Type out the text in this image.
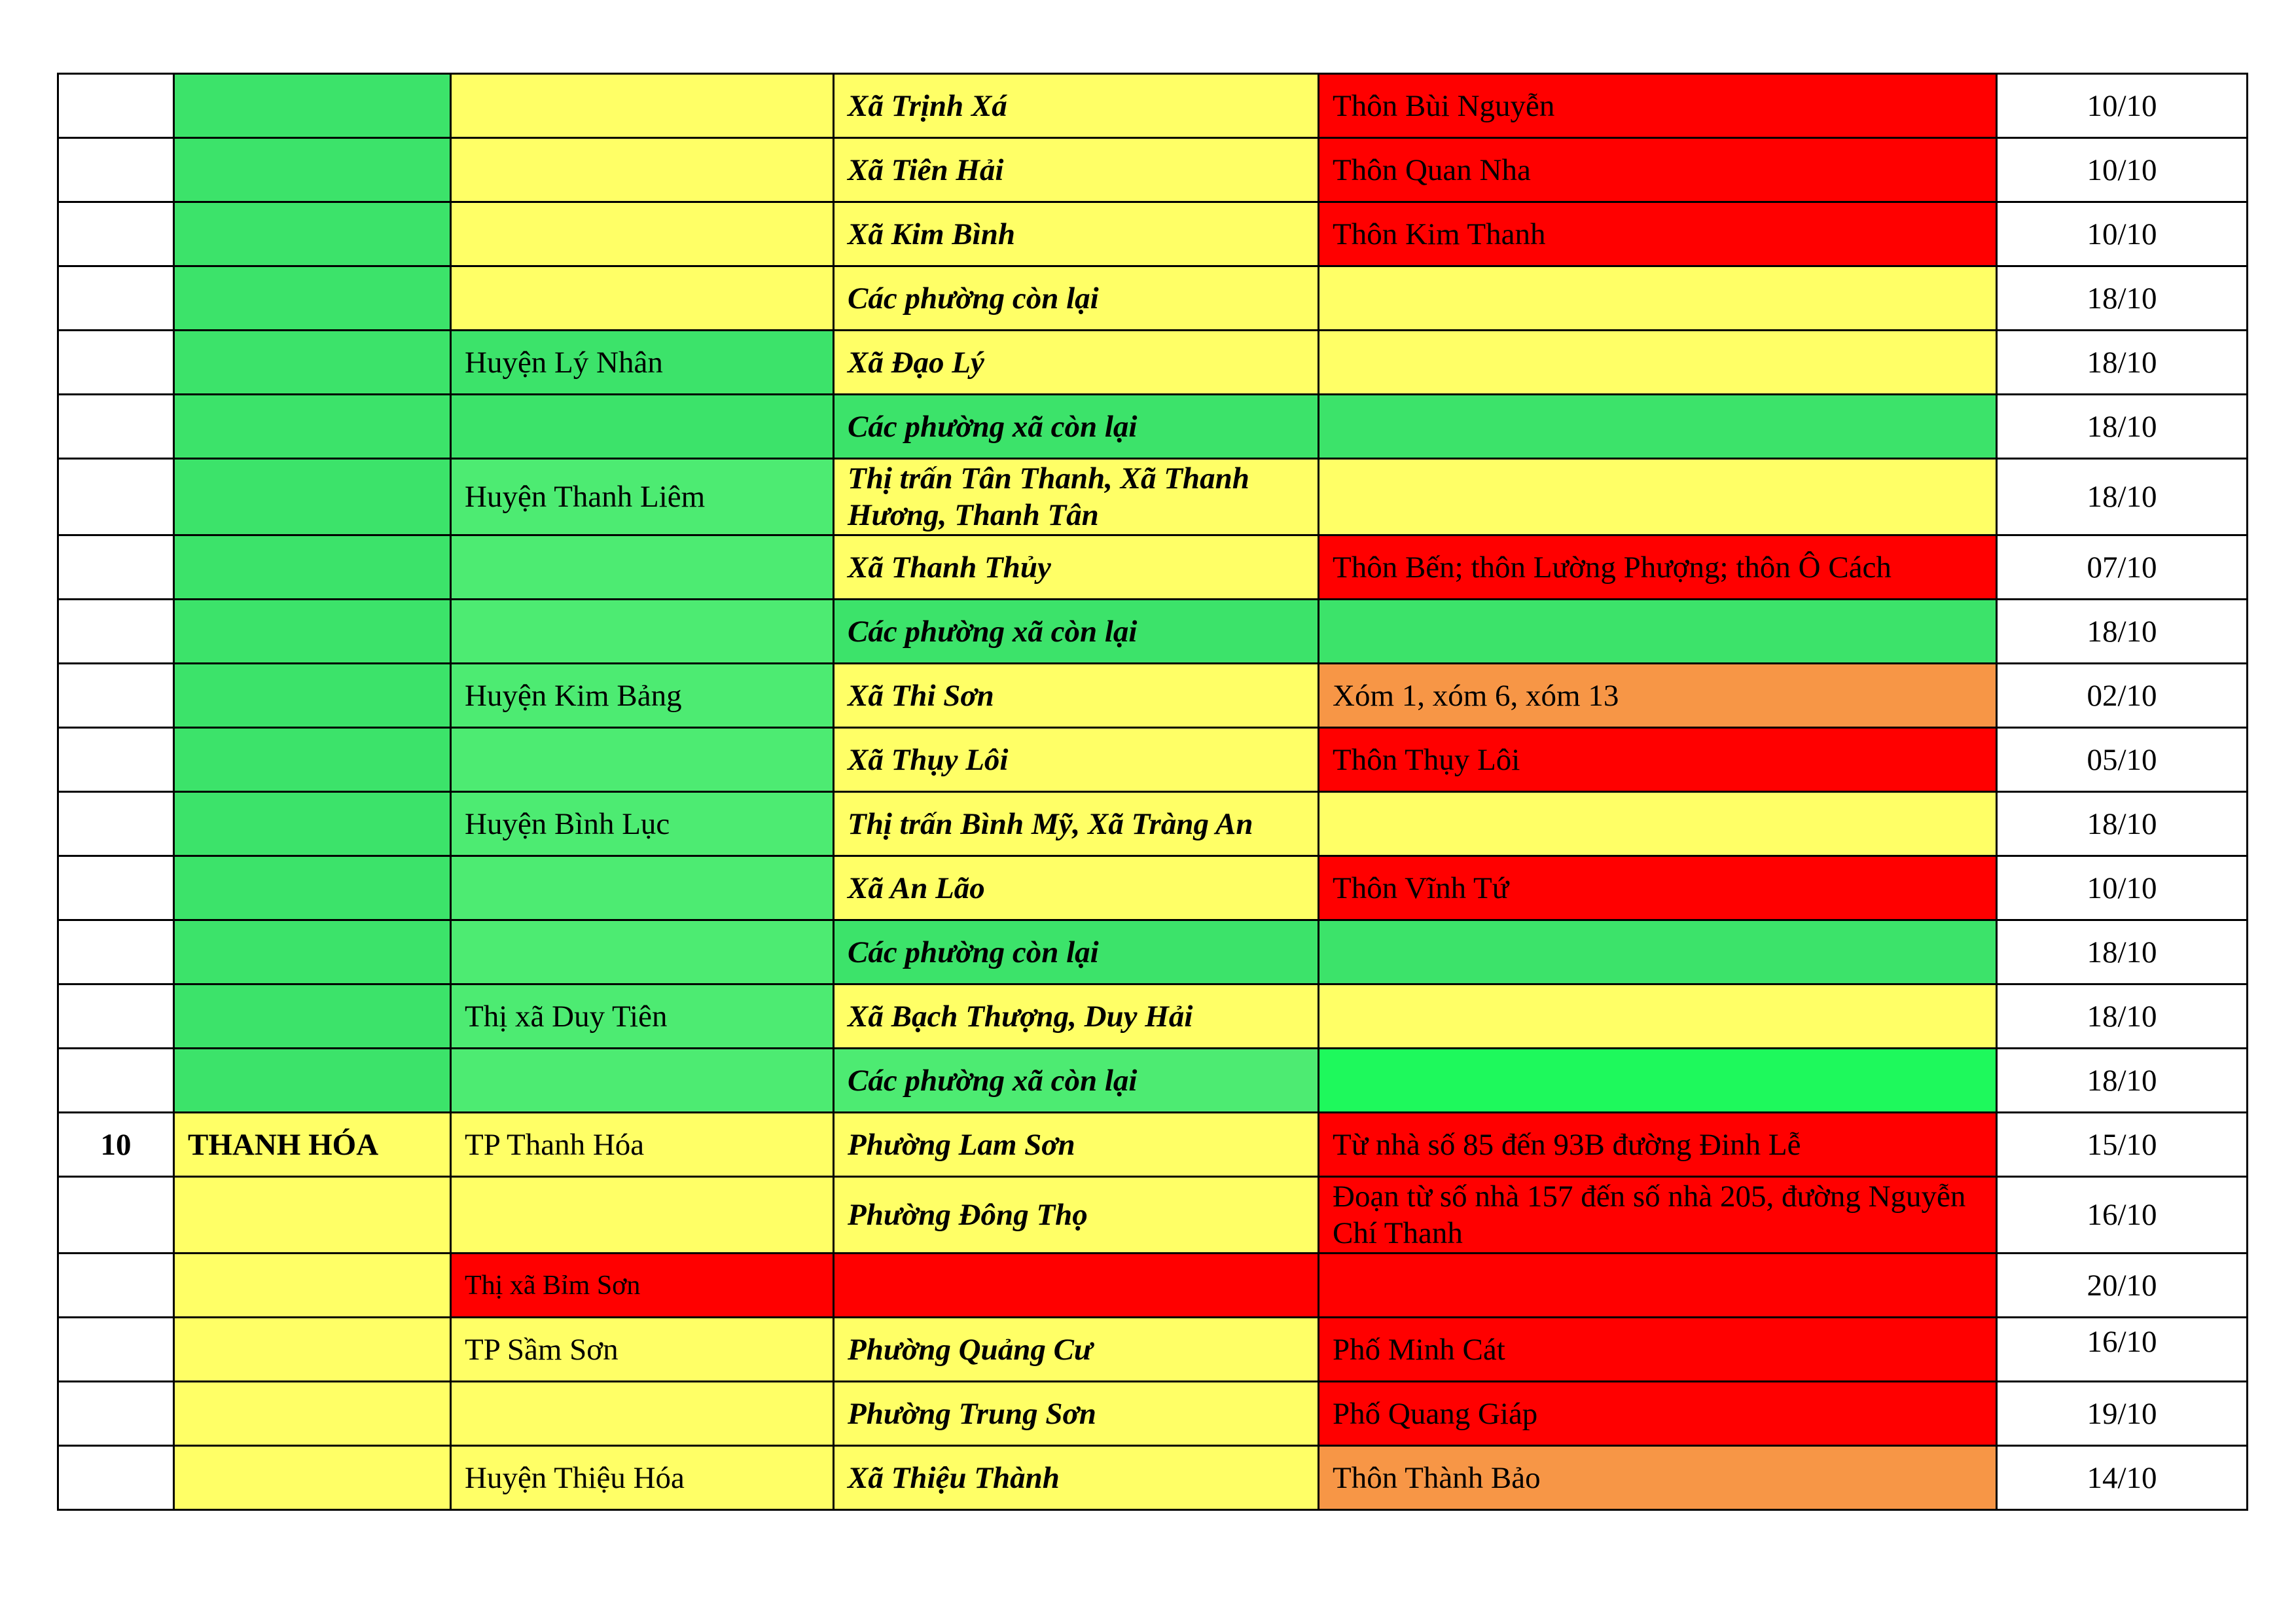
			Xã Trịnh Xá	Thôn Bùi Nguyễn	10/10
			Xã Tiên Hải	Thôn Quan Nha	10/10
			Xã Kim Bình	Thôn Kim Thanh	10/10
			Các phường còn lại		18/10
		Huyện Lý Nhân	Xã Đạo Lý		18/10
			Các phường xã còn lại		18/10
		Huyện Thanh Liêm	Thị trấn Tân Thanh, Xã Thanh Hương, Thanh Tân		18/10
			Xã Thanh Thủy	Thôn Bến; thôn Lường Phượng; thôn Ô Cách	07/10
			Các phường xã còn lại		18/10
		Huyện Kim Bảng	Xã Thi Sơn	Xóm 1, xóm 6, xóm 13	02/10
			Xã Thụy Lôi	Thôn Thụy Lôi	05/10
		Huyện Bình Lục	Thị trấn Bình Mỹ, Xã Tràng An		18/10
			Xã An Lão	Thôn Vĩnh Tứ	10/10
			Các phường còn lại		18/10
		Thị xã Duy Tiên	Xã Bạch Thượng, Duy Hải		18/10
			Các phường xã còn lại		18/10
10	THANH HÓA	TP Thanh Hóa	Phường Lam Sơn	Từ nhà số 85 đến 93B đường Đinh Lễ	15/10
			Phường Đông Thọ	Đoạn từ số nhà 157 đến số nhà 205, đường Nguyễn Chí Thanh	16/10
		Thị xã Bỉm Sơn			20/10
		TP Sầm Sơn	Phường Quảng Cư	Phố Minh Cát	16/10
			Phường Trung Sơn	Phố Quang Giáp	19/10
		Huyện Thiệu Hóa	Xã Thiệu Thành	Thôn Thành Bảo	14/10
